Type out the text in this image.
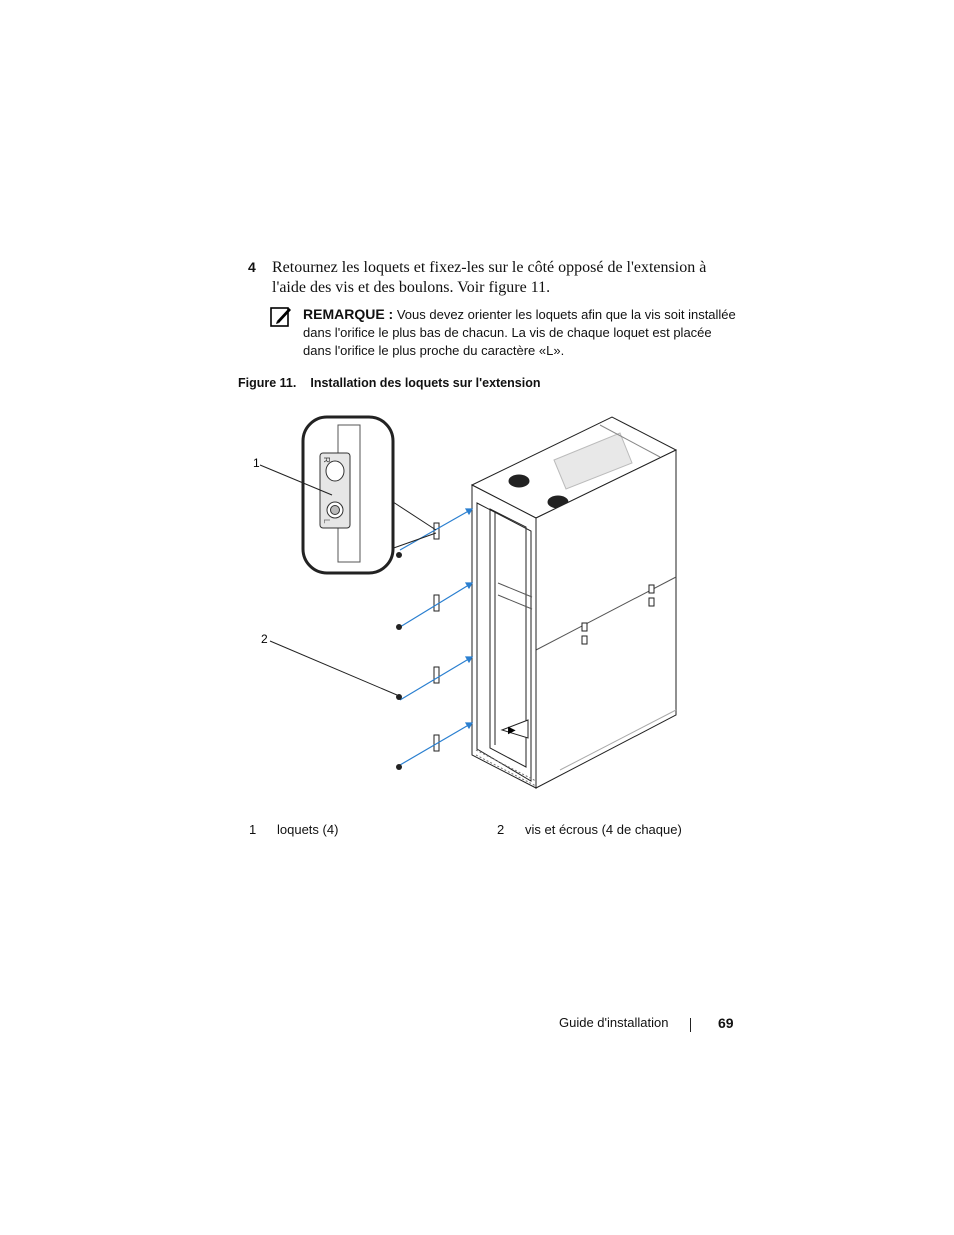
4 Retournez les loquets et fixez-les sur le côté opposé de l'extension à l'aide des vis et des boulons. Voir figure 11.
REMARQUE : Vous devez orienter les loquets afin que la vis soit installée dans l'orifice le plus bas de chacun. La vis de chaque loquet est placée dans l'orifice le plus proche du caractère «L».
Figure 11. Installation des loquets sur l'extension
▶
R
L
1
2
1 loquets (4)	2 vis et écrous (4 de chaque)
Guide d'installation	69
